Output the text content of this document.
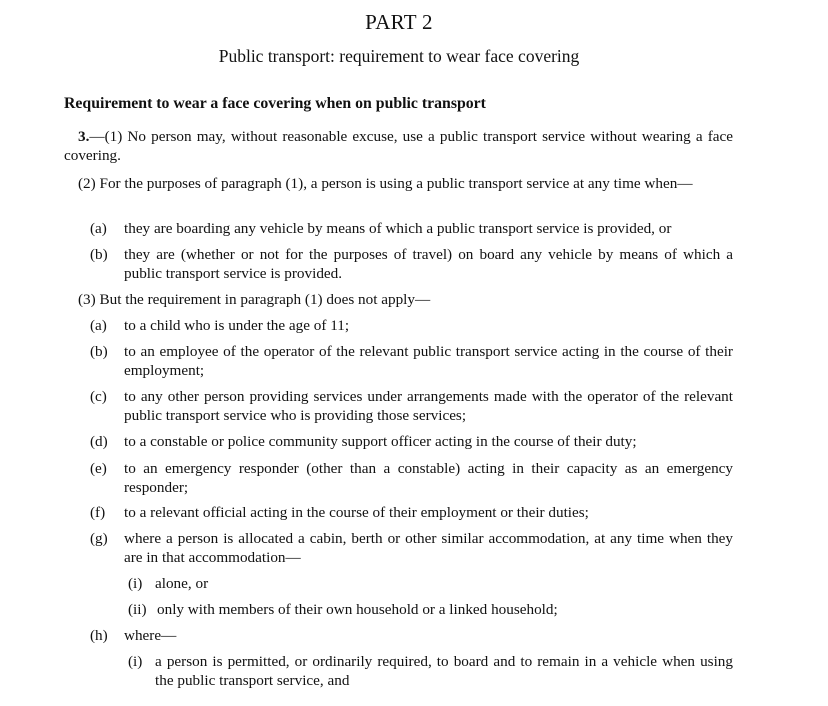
PART 2
Public transport: requirement to wear face covering
Requirement to wear a face covering when on public transport
3.—(1) No person may, without reasonable excuse, use a public transport service without wearing a face covering.
(2) For the purposes of paragraph (1), a person is using a public transport service at any time when—
(a)	they are boarding any vehicle by means of which a public transport service is provided, or
(b)	they are (whether or not for the purposes of travel) on board any vehicle by means of which a public transport service is provided.
(3) But the requirement in paragraph (1) does not apply—
(a)	to a child who is under the age of 11;
(b)	to an employee of the operator of the relevant public transport service acting in the course of their employment;
(c)	to any other person providing services under arrangements made with the operator of the relevant public transport service who is providing those services;
(d)	to a constable or police community support officer acting in the course of their duty;
(e)	to an emergency responder (other than a constable) acting in their capacity as an emergency responder;
(f)	to a relevant official acting in the course of their employment or their duties;
(g)	where a person is allocated a cabin, berth or other similar accommodation, at any time when they are in that accommodation—
(i) alone, or
(ii) only with members of their own household or a linked household;
(h)	where—
(i) a person is permitted, or ordinarily required, to board and to remain in a vehicle when using the public transport service, and
